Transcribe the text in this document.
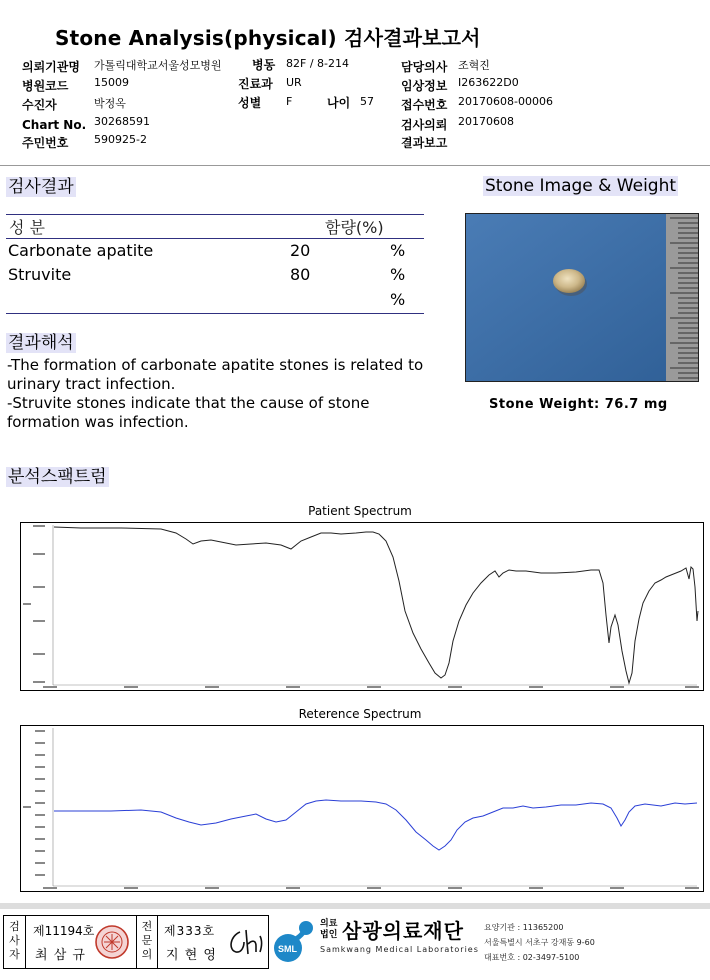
Stone Analysis(physical) 검사결과보고서
의뢰기관명 가톨릭대학교서울성모병원
병원코드 15009
수진자	박정옥
Chart No. 30268591
주민번호 590925-2
병동 82F / 8-214
진료과 UR
성별 F	나이 57
담당의사 조혁진
임상정보 I263622D0
접수번호 20170608-00006
검사의뢰 20170608
결과보고
검사결과
성 분	함량(%)
Carbonate apatite	20	%
Struvite	80	%
%
Stone Image & Weight
Stone Weight: 76.7 mg
결과해석
-The formation of carbonate apatite stones is related to urinary tract infection.
-Struvite stones indicate that the cause of stone formation was infection.
분석스팩트럼
Patient Spectrum
Reterence Spectrum
검사자
제11194호
최 삼 규
전문의
제333호
지 현 영	SML
의료법인 삼광의료재단
Samkwang Medical Laboratories
요양기관 : 11365200
서울특별시 서초구 강재동 9-60
대표번호 : 02-3497-5100
